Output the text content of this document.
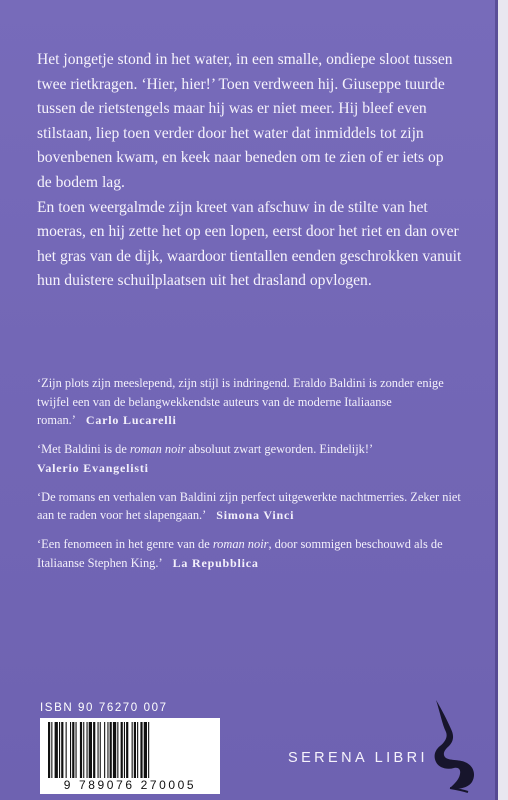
Het jongetje stond in het water, in een smalle, ondiepe sloot tussen twee rietkragen. ‘Hier, hier!’ Toen verdween hij. Giuseppe tuurde tussen de rietstengels maar hij was er niet meer. Hij bleef even stilstaan, liep toen verder door het water dat inmiddels tot zijn bovenbenen kwam, en keek naar beneden om te zien of er iets op de bodem lag.

En toen weergalmde zijn kreet van afschuw in de stilte van het moeras, en hij zette het op een lopen, eerst door het riet en dan over het gras van de dijk, waardoor tientallen eenden geschrokken vanuit hun duistere schuilplaatsen uit het drasland opvlogen.

‘Zijn plots zijn meeslepend, zijn stijl is indringend. Eraldo Baldini is zonder enige twijfel een van de belangwekkendste auteurs van de moderne Italiaanse roman.’ Carlo Lucarelli

‘Met Baldini is de roman noir absoluut zwart geworden. Eindelijk!’
Valerio Evangelisti

‘De romans en verhalen van Baldini zijn perfect uitgewerkte nachtmerries. Zeker niet aan te raden voor het slapengaan.’ Simona Vinci

‘Een fenomeen in het genre van de roman noir, door sommigen beschouwd als de Italiaanse Stephen King.’ La Repubblica

ISBN 90 76270 007
9 789076 270005
SERENA LIBRI
